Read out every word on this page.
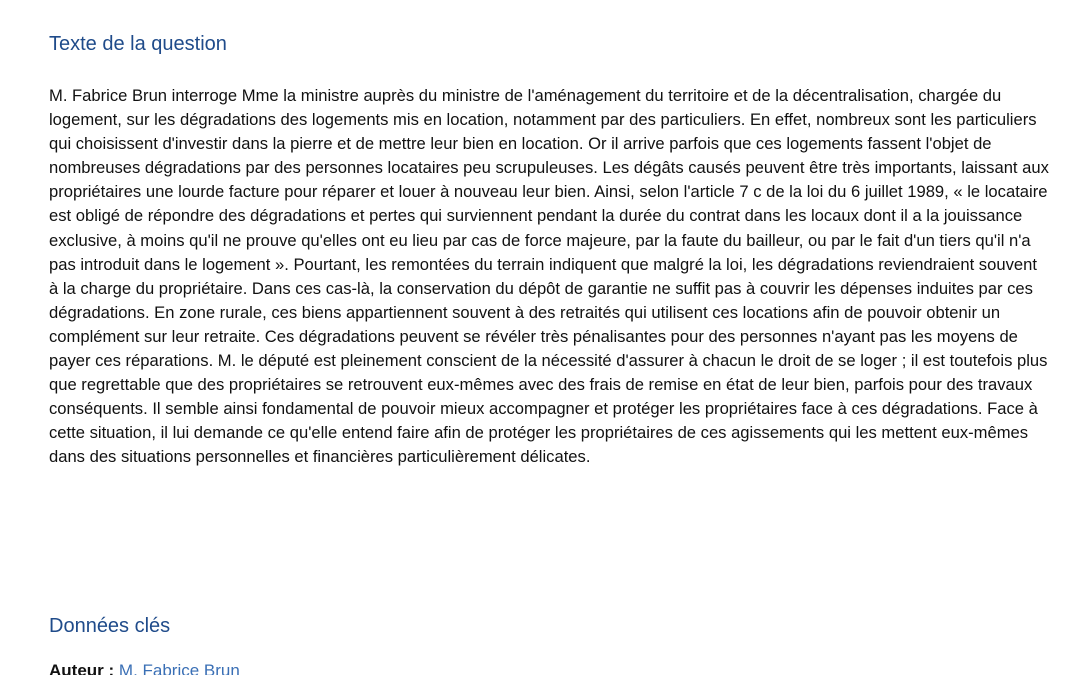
Texte de la question

M. Fabrice Brun interroge Mme la ministre auprès du ministre de l'aménagement du territoire et de la décentralisation, chargée du logement, sur les dégradations des logements mis en location, notamment par des particuliers. En effet, nombreux sont les particuliers qui choisissent d'investir dans la pierre et de mettre leur bien en location. Or il arrive parfois que ces logements fassent l'objet de nombreuses dégradations par des personnes locataires peu scrupuleuses. Les dégâts causés peuvent être très importants, laissant aux propriétaires une lourde facture pour réparer et louer à nouveau leur bien. Ainsi, selon l'article 7 c de la loi du 6 juillet 1989, « le locataire est obligé de répondre des dégradations et pertes qui surviennent pendant la durée du contrat dans les locaux dont il a la jouissance exclusive, à moins qu'il ne prouve qu'elles ont eu lieu par cas de force majeure, par la faute du bailleur, ou par le fait d'un tiers qu'il n'a pas introduit dans le logement ». Pourtant, les remontées du terrain indiquent que malgré la loi, les dégradations reviendraient souvent à la charge du propriétaire. Dans ces cas-là, la conservation du dépôt de garantie ne suffit pas à couvrir les dépenses induites par ces dégradations. En zone rurale, ces biens appartiennent souvent à des retraités qui utilisent ces locations afin de pouvoir obtenir un complément sur leur retraite. Ces dégradations peuvent se révéler très pénalisantes pour des personnes n'ayant pas les moyens de payer ces réparations. M. le député est pleinement conscient de la nécessité d'assurer à chacun le droit de se loger ; il est toutefois plus que regrettable que des propriétaires se retrouvent eux-mêmes avec des frais de remise en état de leur bien, parfois pour des travaux conséquents. Il semble ainsi fondamental de pouvoir mieux accompagner et protéger les propriétaires face à ces dégradations. Face à cette situation, il lui demande ce qu'elle entend faire afin de protéger les propriétaires de ces agissements qui les mettent eux-mêmes dans des situations personnelles et financières particulièrement délicates.

Données clés

Auteur : M. Fabrice Brun
